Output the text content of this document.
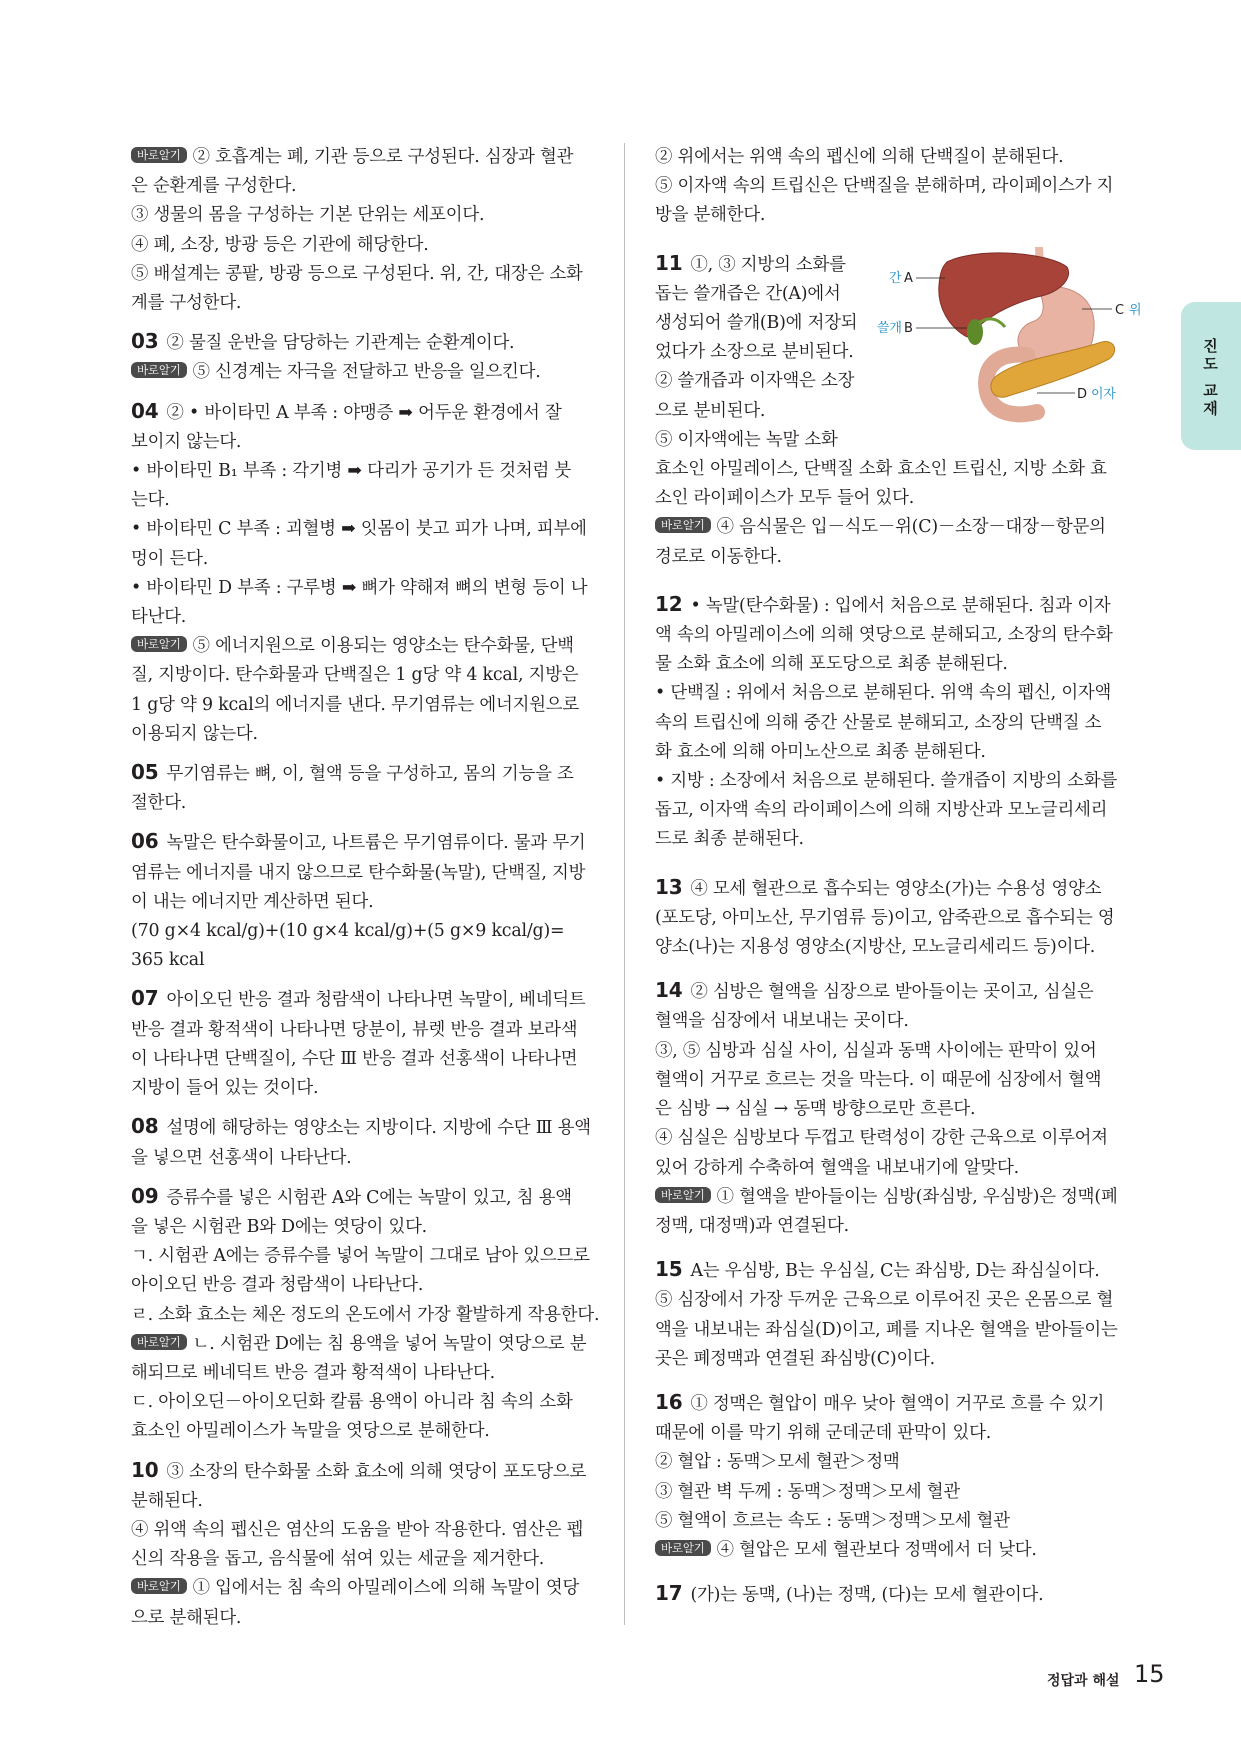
바로알기 ② 호흡계는 폐, 기관 등으로 구성된다. 심장과 혈관
은 순환계를 구성한다.
③ 생물의 몸을 구성하는 기본 단위는 세포이다.
④ 폐, 소장, 방광 등은 기관에 해당한다.
⑤ 배설계는 콩팥, 방광 등으로 구성된다. 위, 간, 대장은 소화
계를 구성한다.
03 ② 물질 운반을 담당하는 기관계는 순환계이다.
바로알기 ⑤ 신경계는 자극을 전달하고 반응을 일으킨다.
04 ② • 바이타민 A 부족 : 야맹증 ➡ 어두운 환경에서 잘
보이지 않는다.
• 바이타민 B₁ 부족 : 각기병 ➡ 다리가 공기가 든 것처럼 붓
는다.
• 바이타민 C 부족 : 괴혈병 ➡ 잇몸이 붓고 피가 나며, 피부에
멍이 든다.
• 바이타민 D 부족 : 구루병 ➡ 뼈가 약해져 뼈의 변형 등이 나
타난다.
바로알기 ⑤ 에너지원으로 이용되는 영양소는 탄수화물, 단백
질, 지방이다. 탄수화물과 단백질은 1 g당 약 4 kcal, 지방은
1 g당 약 9 kcal의 에너지를 낸다. 무기염류는 에너지원으로
이용되지 않는다.
05 무기염류는 뼈, 이, 혈액 등을 구성하고, 몸의 기능을 조
절한다.
06 녹말은 탄수화물이고, 나트륨은 무기염류이다. 물과 무기
염류는 에너지를 내지 않으므로 탄수화물(녹말), 단백질, 지방
이 내는 에너지만 계산하면 된다.
(70 g×4 kcal/g)+(10 g×4 kcal/g)+(5 g×9 kcal/g)=
365 kcal
07 아이오딘 반응 결과 청람색이 나타나면 녹말이, 베네딕트
반응 결과 황적색이 나타나면 당분이, 뷰렛 반응 결과 보라색
이 나타나면 단백질이, 수단 Ⅲ 반응 결과 선홍색이 나타나면
지방이 들어 있는 것이다.
08 설명에 해당하는 영양소는 지방이다. 지방에 수단 Ⅲ 용액
을 넣으면 선홍색이 나타난다.
09 증류수를 넣은 시험관 A와 C에는 녹말이 있고, 침 용액
을 넣은 시험관 B와 D에는 엿당이 있다.
ㄱ. 시험관 A에는 증류수를 넣어 녹말이 그대로 남아 있으므로
아이오딘 반응 결과 청람색이 나타난다.
ㄹ. 소화 효소는 체온 정도의 온도에서 가장 활발하게 작용한다.
바로알기 ㄴ. 시험관 D에는 침 용액을 넣어 녹말이 엿당으로 분
해되므로 베네딕트 반응 결과 황적색이 나타난다.
ㄷ. 아이오딘－아이오딘화 칼륨 용액이 아니라 침 속의 소화
효소인 아밀레이스가 녹말을 엿당으로 분해한다.
10 ③ 소장의 탄수화물 소화 효소에 의해 엿당이 포도당으로
분해된다.
④ 위액 속의 펩신은 염산의 도움을 받아 작용한다. 염산은 펩
신의 작용을 돕고, 음식물에 섞여 있는 세균을 제거한다.
바로알기 ① 입에서는 침 속의 아밀레이스에 의해 녹말이 엿당
으로 분해된다.
② 위에서는 위액 속의 펩신에 의해 단백질이 분해된다.
⑤ 이자액 속의 트립신은 단백질을 분해하며, 라이페이스가 지
방을 분해한다.
11 ①, ③ 지방의 소화를
돕는 쓸개즙은 간(A)에서
생성되어 쓸개(B)에 저장되
었다가 소장으로 분비된다.
② 쓸개즙과 이자액은 소장
으로 분비된다.
⑤ 이자액에는 녹말 소화
효소인 아밀레이스, 단백질 소화 효소인 트립신, 지방 소화 효
소인 라이페이스가 모두 들어 있다.
바로알기 ④ 음식물은 입－식도－위(C)－소장－대장－항문의
경로로 이동한다.
간 A
쓸개 B
C 위
D 이자
12 • 녹말(탄수화물) : 입에서 처음으로 분해된다. 침과 이자
액 속의 아밀레이스에 의해 엿당으로 분해되고, 소장의 탄수화
물 소화 효소에 의해 포도당으로 최종 분해된다.
• 단백질 : 위에서 처음으로 분해된다. 위액 속의 펩신, 이자액
속의 트립신에 의해 중간 산물로 분해되고, 소장의 단백질 소
화 효소에 의해 아미노산으로 최종 분해된다.
• 지방 : 소장에서 처음으로 분해된다. 쓸개즙이 지방의 소화를
돕고, 이자액 속의 라이페이스에 의해 지방산과 모노글리세리
드로 최종 분해된다.
13 ④ 모세 혈관으로 흡수되는 영양소(가)는 수용성 영양소
(포도당, 아미노산, 무기염류 등)이고, 암죽관으로 흡수되는 영
양소(나)는 지용성 영양소(지방산, 모노글리세리드 등)이다.
14 ② 심방은 혈액을 심장으로 받아들이는 곳이고, 심실은
혈액을 심장에서 내보내는 곳이다.
③, ⑤ 심방과 심실 사이, 심실과 동맥 사이에는 판막이 있어
혈액이 거꾸로 흐르는 것을 막는다. 이 때문에 심장에서 혈액
은 심방 → 심실 → 동맥 방향으로만 흐른다.
④ 심실은 심방보다 두껍고 탄력성이 강한 근육으로 이루어져
있어 강하게 수축하여 혈액을 내보내기에 알맞다.
바로알기 ① 혈액을 받아들이는 심방(좌심방, 우심방)은 정맥(폐
정맥, 대정맥)과 연결된다.
15 A는 우심방, B는 우심실, C는 좌심방, D는 좌심실이다.
⑤ 심장에서 가장 두꺼운 근육으로 이루어진 곳은 온몸으로 혈
액을 내보내는 좌심실(D)이고, 폐를 지나온 혈액을 받아들이는
곳은 폐정맥과 연결된 좌심방(C)이다.
16 ① 정맥은 혈압이 매우 낮아 혈액이 거꾸로 흐를 수 있기
때문에 이를 막기 위해 군데군데 판막이 있다.
② 혈압 : 동맥＞모세 혈관＞정맥
③ 혈관 벽 두께 : 동맥＞정맥＞모세 혈관
⑤ 혈액이 흐르는 속도 : 동맥＞정맥＞모세 혈관
바로알기 ④ 혈압은 모세 혈관보다 정맥에서 더 낮다.
17 (가)는 동맥, (나)는 정맥, (다)는 모세 혈관이다.
진도 교재
정답과 해설 15
